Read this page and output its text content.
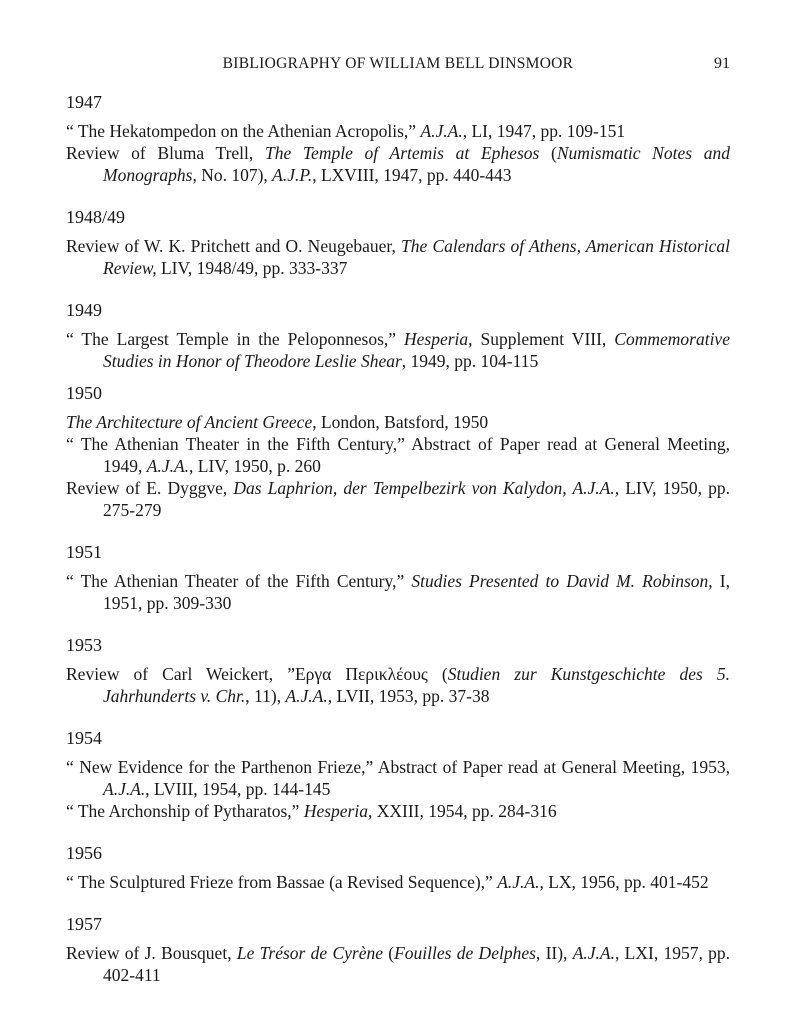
BIBLIOGRAPHY OF WILLIAM BELL DINSMOOR	91
1947

“ The Hekatompedon on the Athenian Acropolis,” A.J.A., LI, 1947, pp. 109-151

Review of Bluma Trell, The Temple of Artemis at Ephesos (Numismatic Notes and Monographs, No. 107), A.J.P., LXVIII, 1947, pp. 440-443

1948/49

Review of W. K. Pritchett and O. Neugebauer, The Calendars of Athens, American Historical Review, LIV, 1948/49, pp. 333-337

1949

“ The Largest Temple in the Peloponnesos,” Hesperia, Supplement VIII, Commemorative Studies in Honor of Theodore Leslie Shear, 1949, pp. 104-115

1950

The Architecture of Ancient Greece, London, Batsford, 1950

“ The Athenian Theater in the Fifth Century,” Abstract of Paper read at General Meeting, 1949, A.J.A., LIV, 1950, p. 260

Review of E. Dyggve, Das Laphrion, der Tempelbezirk von Kalydon, A.J.A., LIV, 1950, pp. 275-279

1951

“ The Athenian Theater of the Fifth Century,” Studies Presented to David M. Robinson, I, 1951, pp. 309-330

1953

Review of Carl Weickert, ”Εργα Περικλέους (Studien zur Kunstgeschichte des 5. Jahrhunderts v. Chr., 11), A.J.A., LVII, 1953, pp. 37-38

1954

“ New Evidence for the Parthenon Frieze,” Abstract of Paper read at General Meeting, 1953, A.J.A., LVIII, 1954, pp. 144-145

“ The Archonship of Pytharatos,” Hesperia, XXIII, 1954, pp. 284-316

1956

“ The Sculptured Frieze from Bassae (a Revised Sequence),” A.J.A., LX, 1956, pp. 401-452

1957

Review of J. Bousquet, Le Trésor de Cyrène (Fouilles de Delphes, II), A.J.A., LXI, 1957, pp. 402-411
